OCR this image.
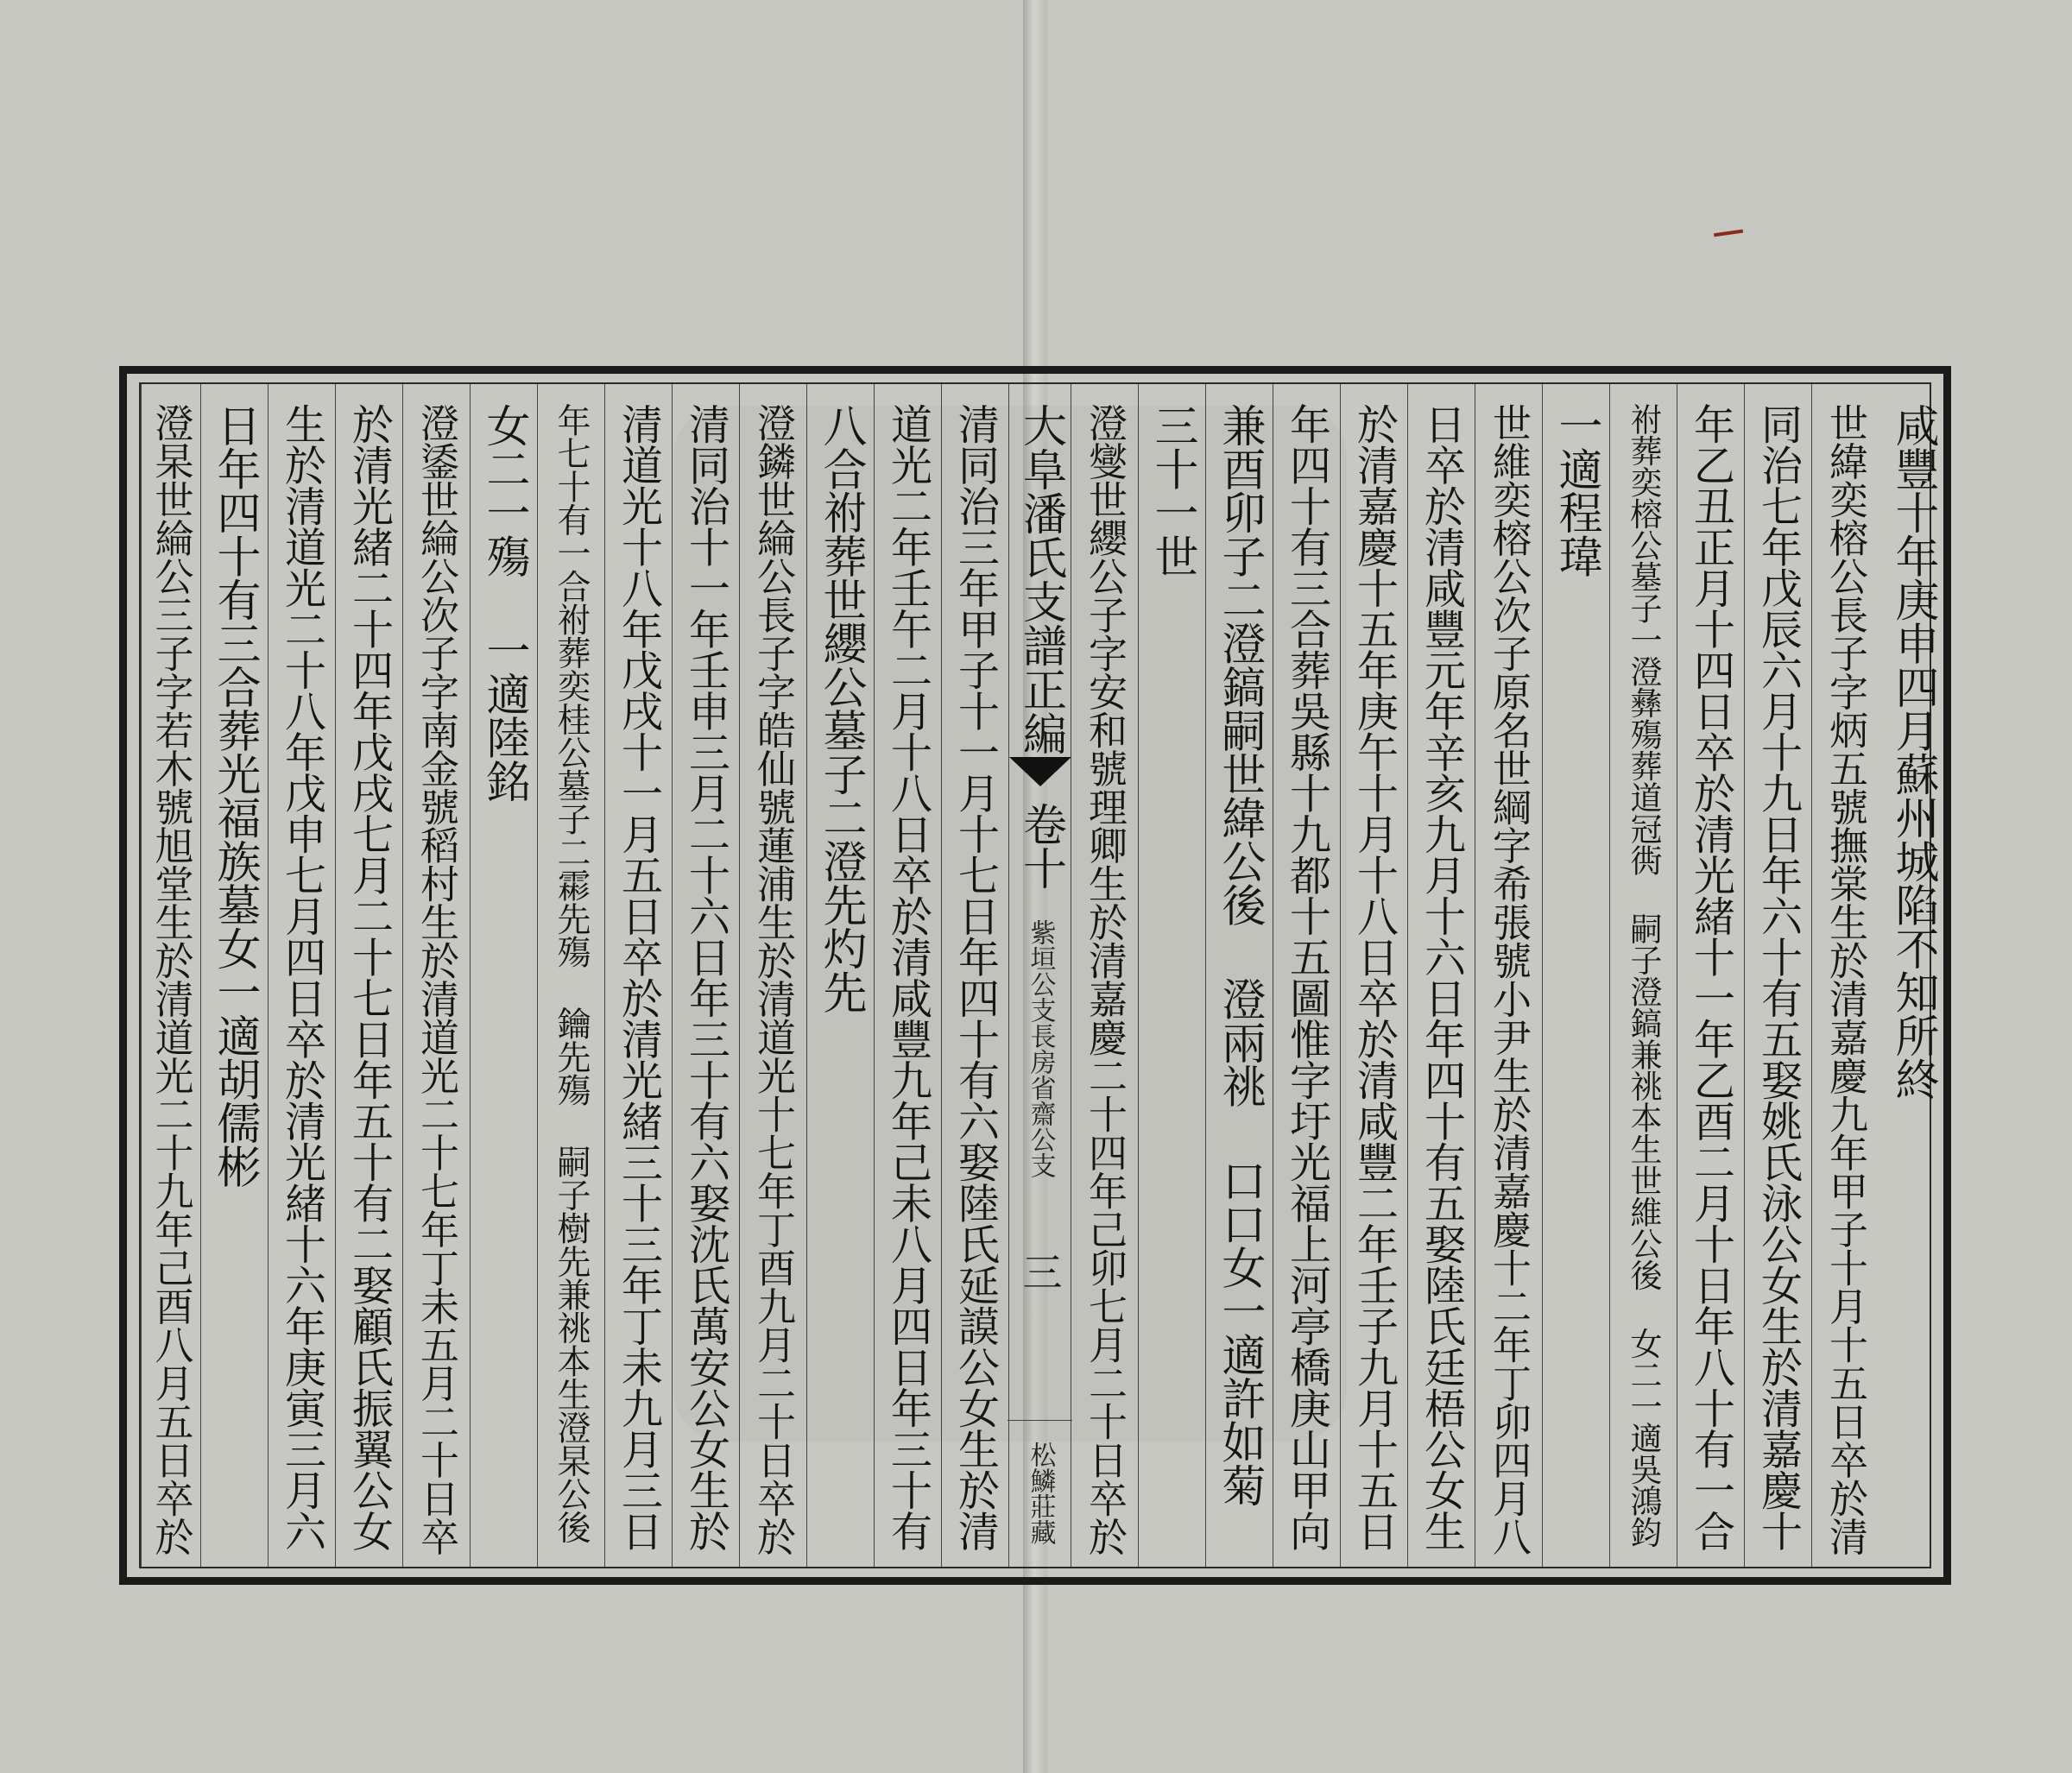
咸豐十年庚申四月蘇州城陷不知所終
世緯奕榕公長子字炳五號撫棠生於清嘉慶九年甲子十月十五日卒於清
同治七年戊辰六月十九日年六十有五娶姚氏泳公女生於清嘉慶十
年乙丑正月十四日卒於清光緒十一年乙酉二月十日年八十有一合
祔葬奕榕公墓子一澄彝殤葬道冠衖 嗣子澄鎬兼祧本生世維公後 女二一適吳鴻鈞
一適程瑋
世維奕榕公次子原名世綱字希張號小尹生於清嘉慶十二年丁卯四月八
日卒於清咸豐元年辛亥九月十六日年四十有五娶陸氏廷梧公女生
於清嘉慶十五年庚午十月十八日卒於清咸豐二年壬子九月十五日
年四十有三合葬吳縣十九都十五圖惟字圩光福上河亭橋庚山甲向
兼酉卯子二澄鎬嗣世緯公後 澄兩祧 口口女一適許如菊
三十一世
澄燮世纓公子字安和號理卿生於清嘉慶二十四年己卯七月二十日卒於
大阜潘氏支譜正編
卷十
紫垣公支長房省齋公支
三
松鱗莊藏
清同治三年甲子十一月十七日年四十有六娶陸氏延謨公女生於清
道光二年壬午二月十八日卒於清咸豐九年己未八月四日年三十有
八合祔葬世纓公墓子二澄先灼先
澄鏻世綸公長子字皓仙號蓮浦生於清道光十七年丁酉九月二十日卒於
清同治十一年壬申三月二十六日年三十有六娶沈氏萬安公女生於
清道光十八年戊戌十一月五日卒於清光緒三十三年丁未九月三日
年七十有一合祔葬奕桂公墓子二霦先殤 鑰先殤 嗣子樹先兼祧本生澄杲公後
女二一殤 一適陸銘
澄鋈世綸公次子字南金號稻村生於清道光二十七年丁未五月二十日卒
於清光緒二十四年戊戌七月二十七日年五十有二娶顧氏振翼公女
生於清道光二十八年戊申七月四日卒於清光緒十六年庚寅三月六
日年四十有三合葬光福族墓女一適胡儒彬
澄杲世綸公三子字若木號旭堂生於清道光二十九年己酉八月五日卒於
